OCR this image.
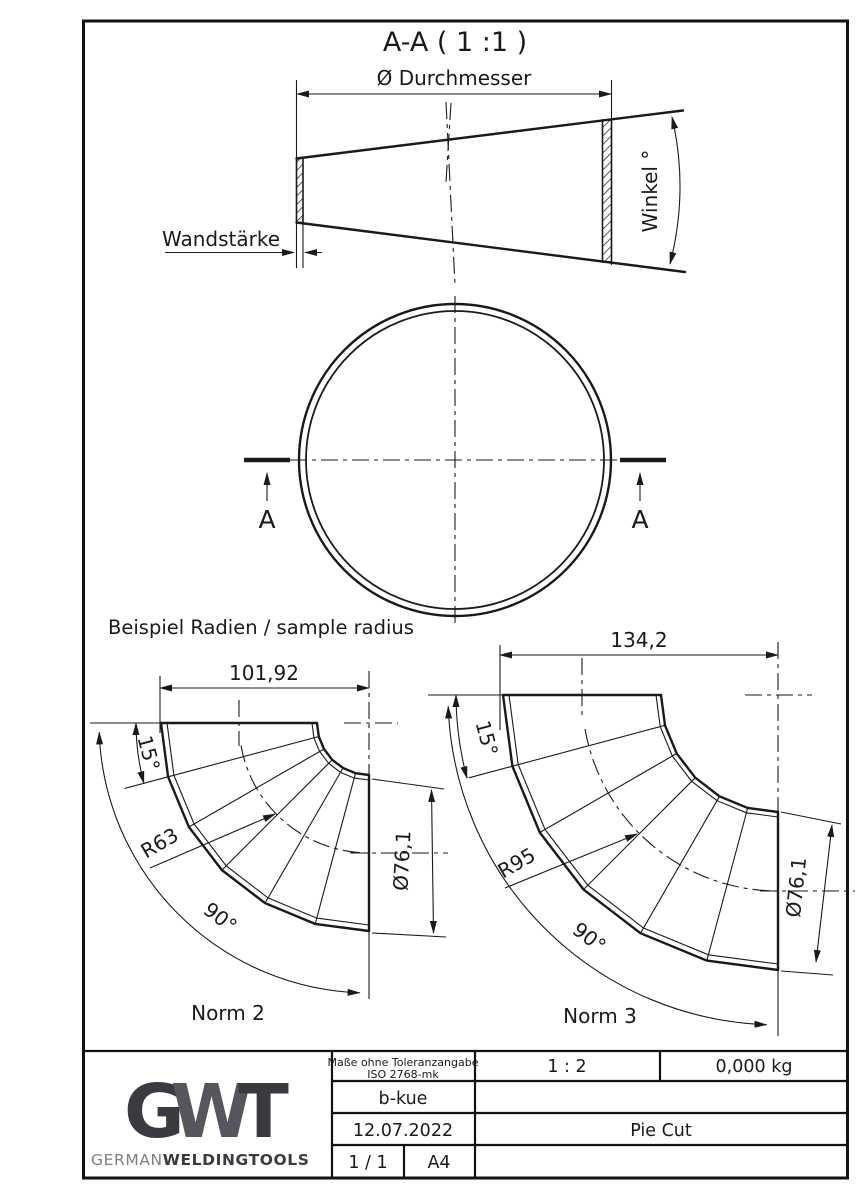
A-A ( 1 :1 )
Ø Durchmesser
Winkel °
Wandstärke
A	A
Beispiel Radien / sample radius
101,92
15°
R63
90°
Ø76,1
Norm 2
134,2
15°
R95
90°
Ø76,1
Norm 3
GWT
GERMANWELDINGTOOLS
Maße ohne Toleranzangabe
ISO 2768-mk	1 : 2	0,000 kg
b-kue
12.07.2022	Pie Cut
1 / 1 A4
